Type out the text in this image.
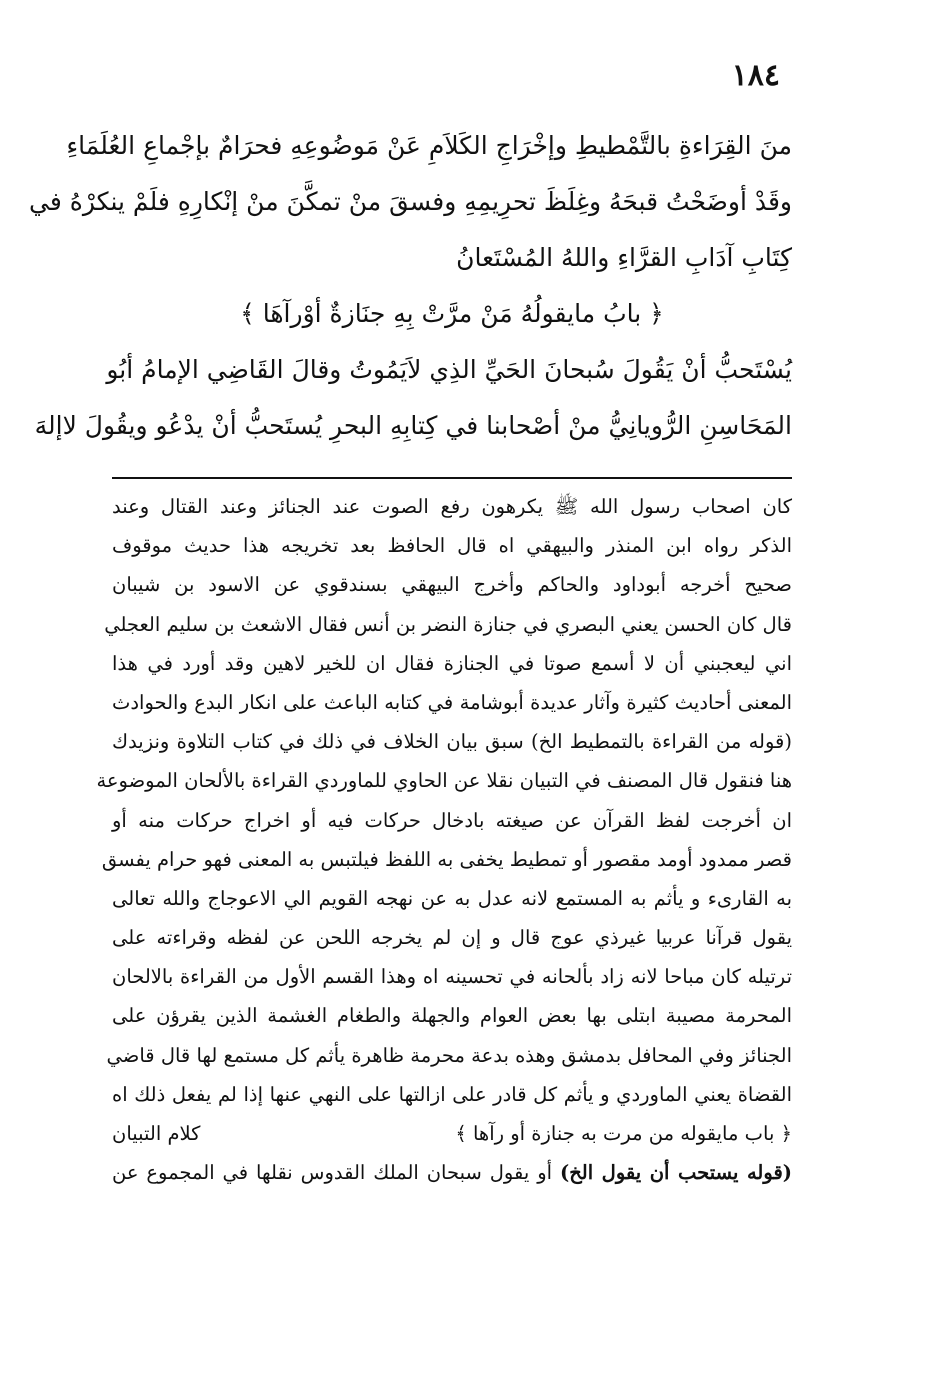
١٨٤
منَ القِرَاءةِ بالتَّمْطيطِ وإخْرَاجِ الكَلاَمِ عَنْ مَوضُوعِهِ فحرَامٌ بإجْماعِ العُلَمَاءِ
وقَدْ أوضَحْتُ قبحَهُ وغِلَظَ تحرِيمِهِ وفسقَ منْ تمكَّنَ منْ إنْكارِهِ فلَمْ ينكرْهُ في
كِتَابِ آدَابِ القرَّاءِ واللهُ المُسْتَعانُ
﴿ بابُ مايقولُهُ مَنْ مرَّتْ بِهِ جنَازةٌ أوْرآهَا ﴾
يُسْتَحبُّ أنْ يَقُولَ سُبحانَ الحَيِّ الذِي لاَيَمُوتُ وقالَ القَاضِي الإمامُ أبُو
المَحَاسِنِ الرُّويانِيُّ منْ أصْحابنا في كِتابِهِ البحرِ يُستَحبُّ أنْ يدْعُو ويقُولَ لاإلهَ
كان اصحاب رسول الله ﷺ يكرهون رفع الصوت عند الجنائز وعند القتال وعند
الذكر رواه ابن المنذر والبيهقي اه قال الحافظ بعد تخريجه هذا حديث موقوف
صحيح أخرجه أبوداود والحاكم وأخرج البيهقي بسندقوي عن الاسود بن شيبان
قال كان الحسن يعني البصري في جنازة النضر بن أنس فقال الاشعث بن سليم العجلي
اني ليعجبني أن لا أسمع صوتا في الجنازة فقال ان للخير لاهين وقد أورد في هذا
المعنى أحاديث كثيرة وآثار عديدة أبوشامة في كتابه الباعث على انكار البدع والحوادث
(قوله من القراءة بالتمطيط الخ) سبق بيان الخلاف في ذلك في كتاب التلاوة ونزيدك
هنا فنقول قال المصنف في التبيان نقلا عن الحاوي للماوردي القراءة بالألحان الموضوعة
ان أخرجت لفظ القرآن عن صيغته بادخال حركات فيه أو اخراج حركات منه أو
قصر ممدود أومد مقصور أو تمطيط يخفى به اللفظ فيلتبس به المعنى فهو حرام يفسق
به القارىء و يأثم به المستمع لانه عدل به عن نهجه القويم الي الاعوجاج والله تعالى
يقول قرآنا عربيا غيرذي عوج قال و إن لم يخرجه اللحن عن لفظه وقراءته على
ترتيله كان مباحا لانه زاد بألحانه في تحسينه اه وهذا القسم الأول من القراءة بالالحان
المحرمة مصيبة ابتلى بها بعض العوام والجهلة والطغام الغشمة الذين يقرؤن على
الجنائز وفي المحافل بدمشق وهذه بدعة محرمة ظاهرة يأثم كل مستمع لها قال قاضي
القضاة يعني الماوردي و يأثم كل قادر على ازالتها على النهي عنها إذا لم يفعل ذلك اه
﴿ باب مايقوله من مرت به جنازة أو رآها ﴾
كلام التبيان
(قوله يستحب أن يقول الخ) أو يقول سبحان الملك القدوس نقلها في المجموع عن
